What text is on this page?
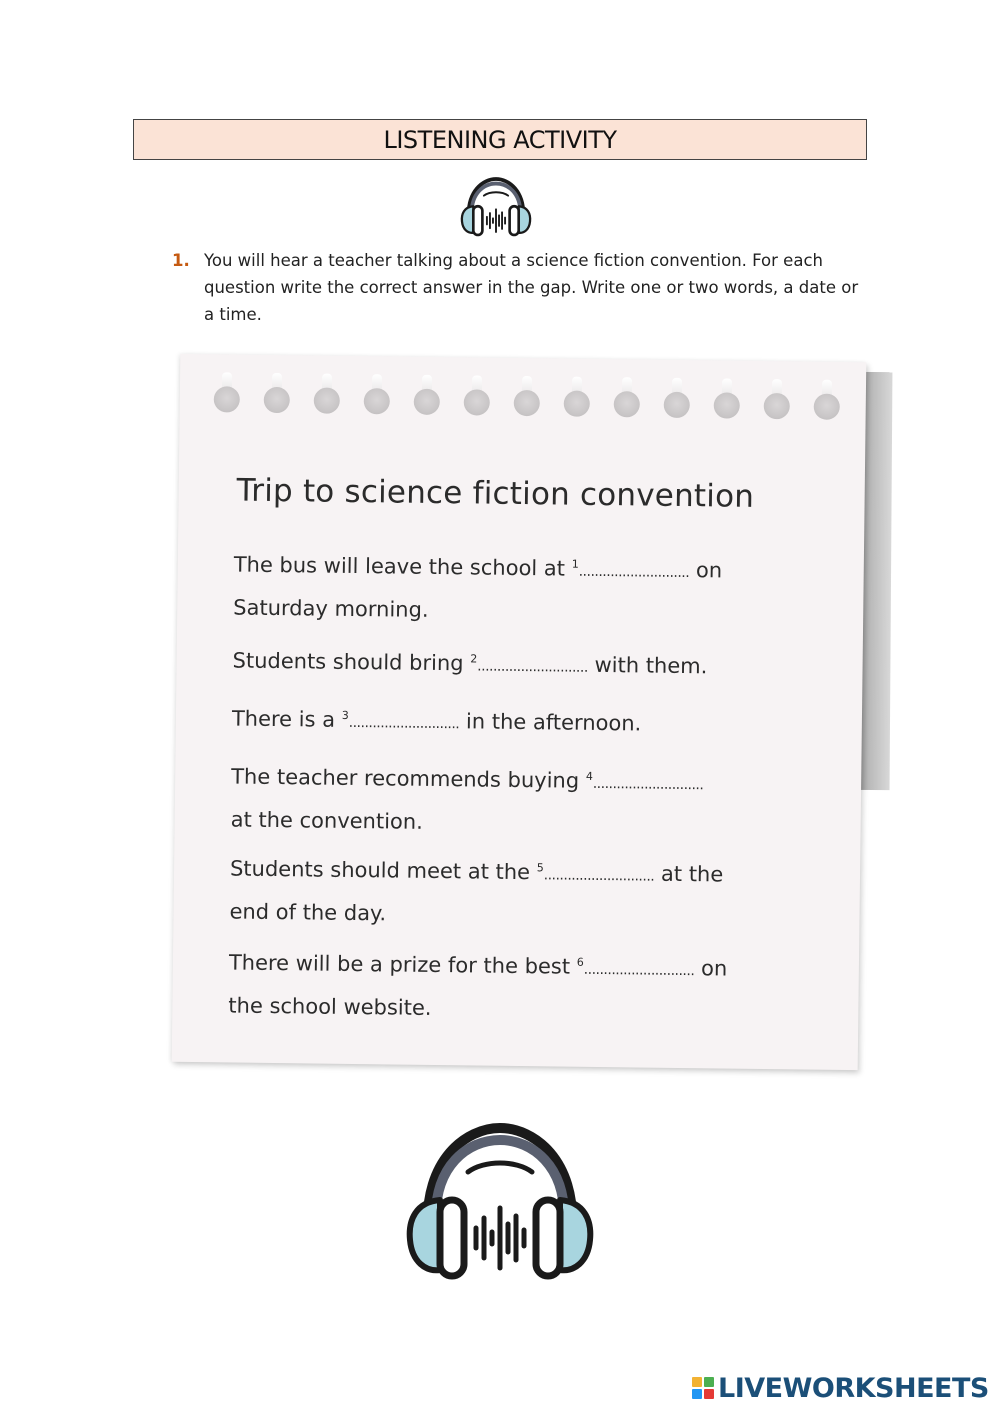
LISTENING ACTIVITY
1. You will hear a teacher talking about a science fiction convention. For each question write the correct answer in the gap. Write one or two words, a date or a time.
Trip to science fiction convention
The bus will leave the school at $^1$............................ on
Saturday morning.
Students should bring $^2$............................ with them.
There is a $^3$............................ in the afternoon.
The teacher recommends buying $^4$............................
at the convention.
Students should meet at the $^5$............................ at the
end of the day.
There will be a prize for the best $^6$............................ on
the school website.
LIVEWORKSHEETS
